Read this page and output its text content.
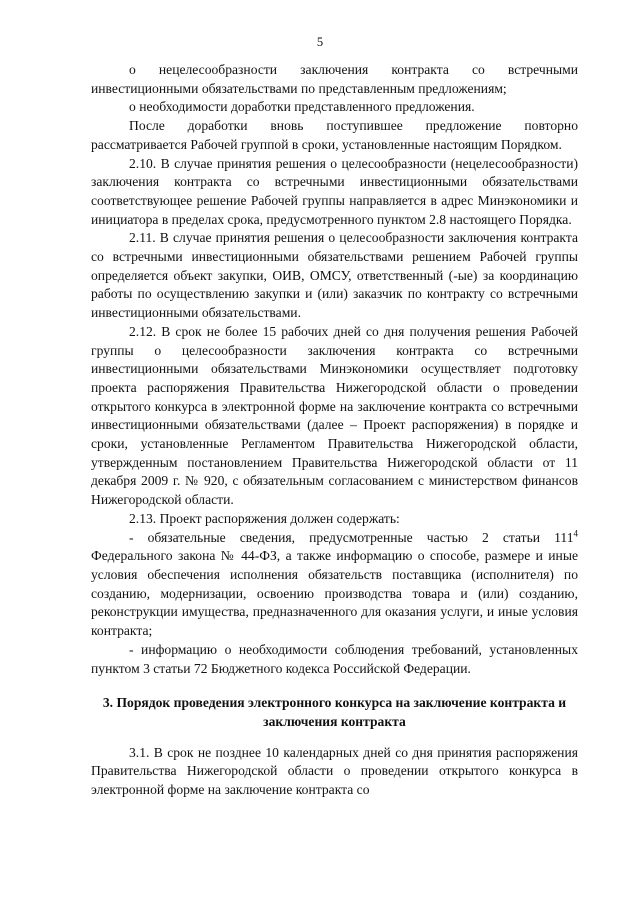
5

о нецелесообразности заключения контракта со встречными инвестиционными обязательствами по представленным предложениям;

о необходимости доработки представленного предложения.

После доработки вновь поступившее предложение повторно рассматривается Рабочей группой в сроки, установленные настоящим Порядком.

2.10. В случае принятия решения о целесообразности (нецелесообразности) заключения контракта со встречными инвестиционными обязательствами соответствующее решение Рабочей группы направляется в адрес Минэкономики и инициатора в пределах срока, предусмотренного пунктом 2.8 настоящего Порядка.

2.11. В случае принятия решения о целесообразности заключения контракта со встречными инвестиционными обязательствами решением Рабочей группы определяется объект закупки, ОИВ, ОМСУ, ответственный (-ые) за координацию работы по осуществлению закупки и (или) заказчик по контракту со встречными инвестиционными обязательствами.

2.12. В срок не более 15 рабочих дней со дня получения решения Рабочей группы о целесообразности заключения контракта со встречными инвестиционными обязательствами Минэкономики осуществляет подготовку проекта распоряжения Правительства Нижегородской области о проведении открытого конкурса в электронной форме на заключение контракта со встречными инвестиционными обязательствами (далее – Проект распоряжения) в порядке и сроки, установленные Регламентом Правительства Нижегородской области, утвержденным постановлением Правительства Нижегородской области от 11 декабря 2009 г. № 920, с обязательным согласованием с министерством финансов Нижегородской области.

2.13. Проект распоряжения должен содержать:

- обязательные сведения, предусмотренные частью 2 статьи $111^4$ Федерального закона № 44-ФЗ, а также информацию о способе, размере и иные условия обеспечения исполнения обязательств поставщика (исполнителя) по созданию, модернизации, освоению производства товара и (или) созданию, реконструкции имущества, предназначенного для оказания услуги, и иные условия контракта;

- информацию о необходимости соблюдения требований, установленных пунктом 3 статьи 72 Бюджетного кодекса Российской Федерации.

3. Порядок проведения электронного конкурса на заключение контракта и заключения контракта

3.1. В срок не позднее 10 календарных дней со дня принятия распоряжения Правительства Нижегородской области о проведении открытого конкурса в электронной форме на заключение контракта со
